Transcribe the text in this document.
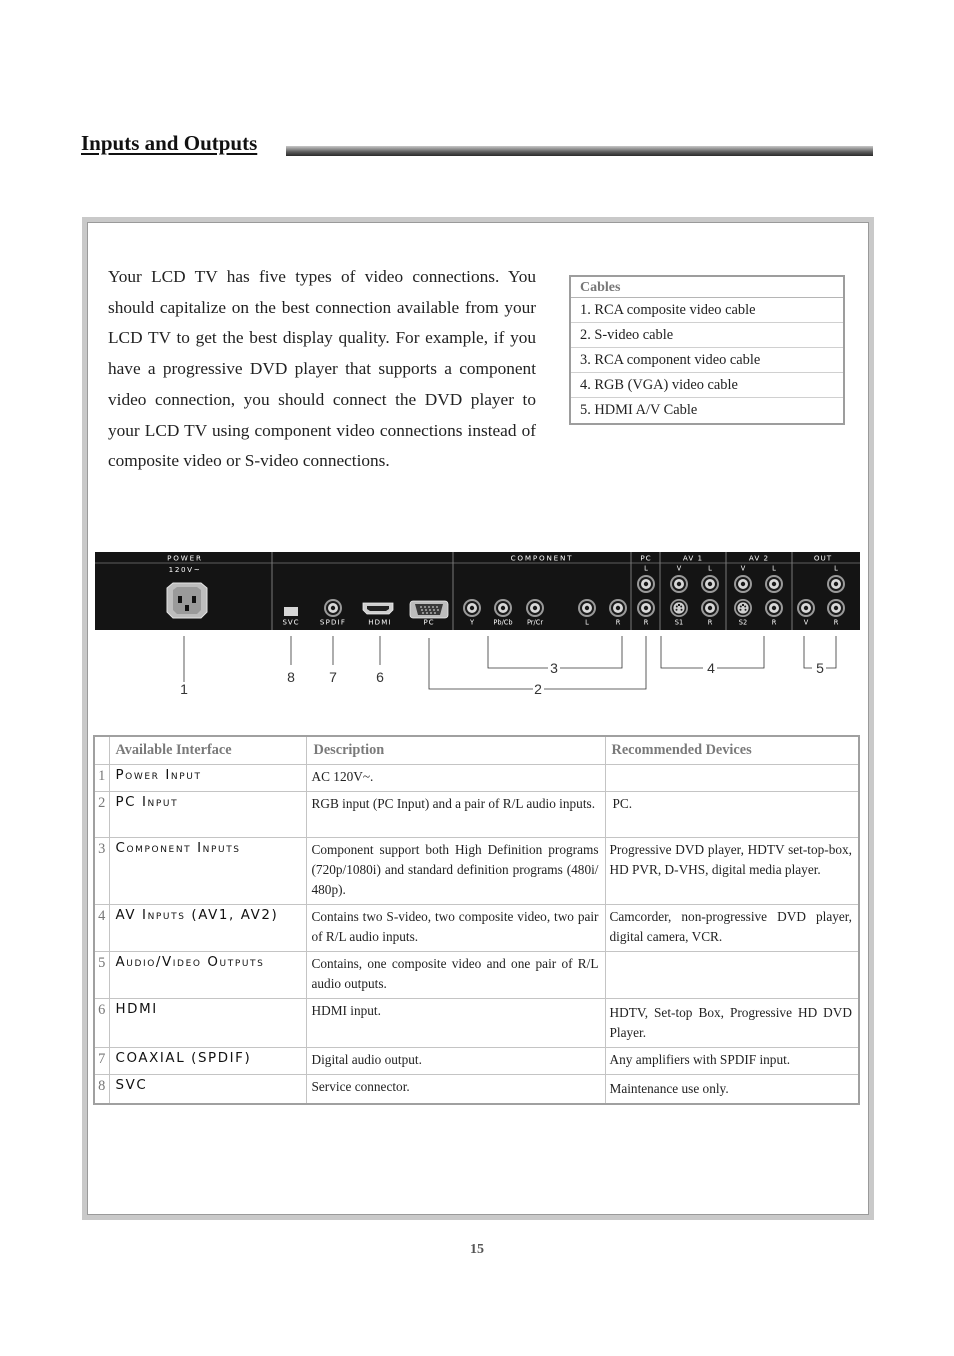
Inputs and Outputs
Your LCD TV has five types of video connections. You should capitalize on the best connection available from your LCD TV to get the best display quality. For example, if you have a progressive DVD player that supports a component video connection, you should connect the DVD player to your LCD TV using component video connections instead of composite video or S-video connections.
Cables
1. RCA composite video cable
2. S-video cable
3. RCA component video cable
4. RGB (VGA) video cable
5. HDMI A/V Cable
POWER
120V~
COMPONENT	PC	AV 1	AV 2	OUT
SVC	SPDIF	HDMI	PC	Y	Pb/Cb Pr/Cr	L	R
L
R
V	L
S1	R
V	L
S2	R
L
V	R
1
8 7	6
2
3	4	5
	Available Interface	Description	Recommended Devices
1	Power Input	AC 120V~.	
2	PC Input	RGB input (PC Input) and a pair of R/L audio inputs.	PC.
3	Component Inputs	Component support both High Definition programs (720p/1080i) and standard definition programs (480i/ 480p).	Progressive DVD player, HDTV set-top-box, HD PVR, D-VHS, digital media player.
4	AV Inputs (AV1, AV2)	Contains two S-video, two composite video, two pair of R/L audio inputs.	Camcorder, non-progressive DVD player, digital camera, VCR.
5	Audio/Video Outputs	Contains, one composite video and one pair of R/L audio outputs.	
6	HDMI	HDMI input.	HDTV, Set-top Box, Progressive HD DVD Player.
7	COAXIAL (SPDIF)	Digital audio output.	Any amplifiers with SPDIF input.
8	SVC	Service connector.	Maintenance use only.
15
